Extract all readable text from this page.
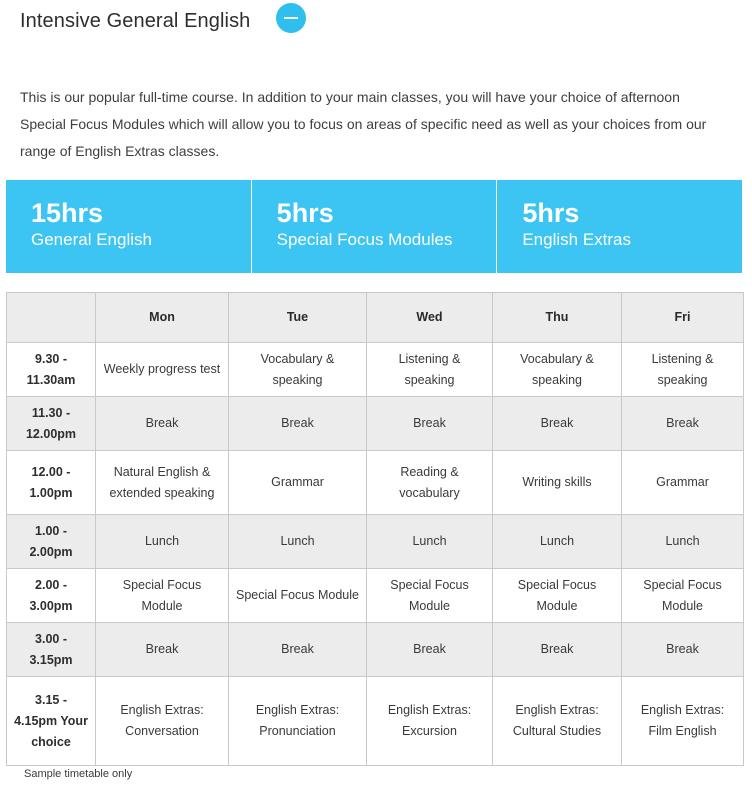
Intensive General English

This is our popular full-time course. In addition to your main classes, you will have your choice of afternoon Special Focus Modules which will allow you to focus on areas of specific need as well as your choices from our range of English Extras classes.

15hrs
General English
5hrs
Special Focus Modules
5hrs
English Extras
	Mon	Tue	Wed	Thu	Fri
9.30 - 11.30am	Weekly progress test	Vocabulary & speaking	Listening & speaking	Vocabulary & speaking	Listening & speaking
11.30 - 12.00pm	Break	Break	Break	Break	Break
12.00 - 1.00pm	Natural English & extended speaking	Grammar	Reading & vocabulary	Writing skills	Grammar
1.00 - 2.00pm	Lunch	Lunch	Lunch	Lunch	Lunch
2.00 - 3.00pm	Special Focus Module	Special Focus Module	Special Focus Module	Special Focus Module	Special Focus Module
3.00 - 3.15pm	Break	Break	Break	Break	Break
3.15 - 4.15pm Your choice	English Extras: Conversation	English Extras: Pronunciation	English Extras: Excursion	English Extras: Cultural Studies	English Extras: Film English
Sample timetable only
